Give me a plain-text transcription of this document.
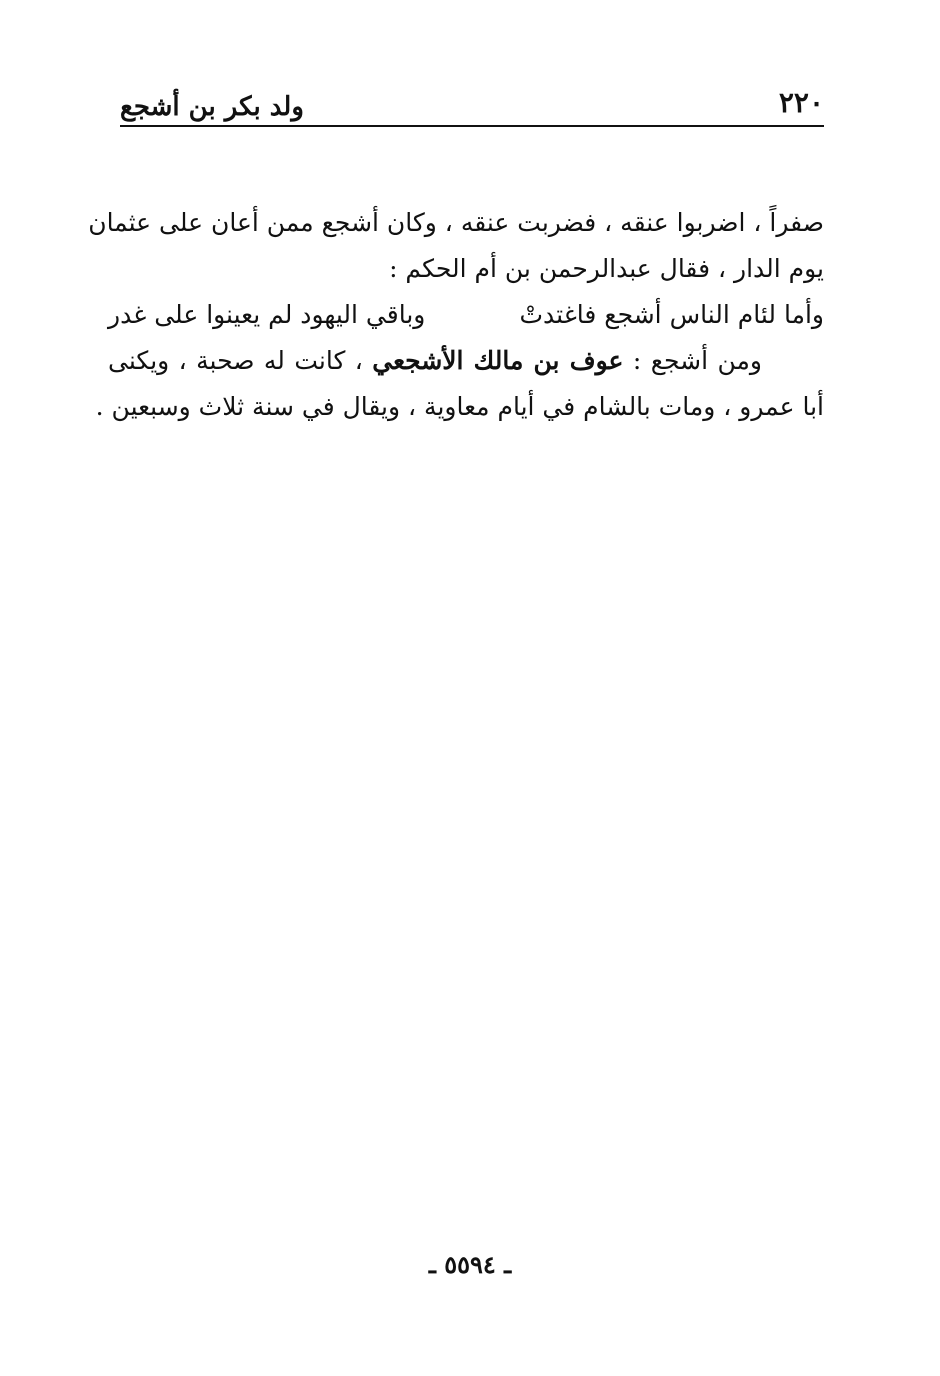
٢٢٠
ولد بكر بن أشجع
صفراً ، اضربوا عنقه ، فضربت عنقه ، وكان أشجع ممن أعان على عثمان
يوم الدار ، فقال عبدالرحمن بن أم الحكم :
وأما لئام الناس أشجع فاغتدتْ
وباقي اليهود لم يعينوا على غدر
ومن أشجع : عوف بن مالك الأشجعي ، كانت له صحبة ، ويكنى
أبا عمرو ، ومات بالشام في أيام معاوية ، ويقال في سنة ثلاث وسبعين .
ـ ٥٥٩٤ ـ
